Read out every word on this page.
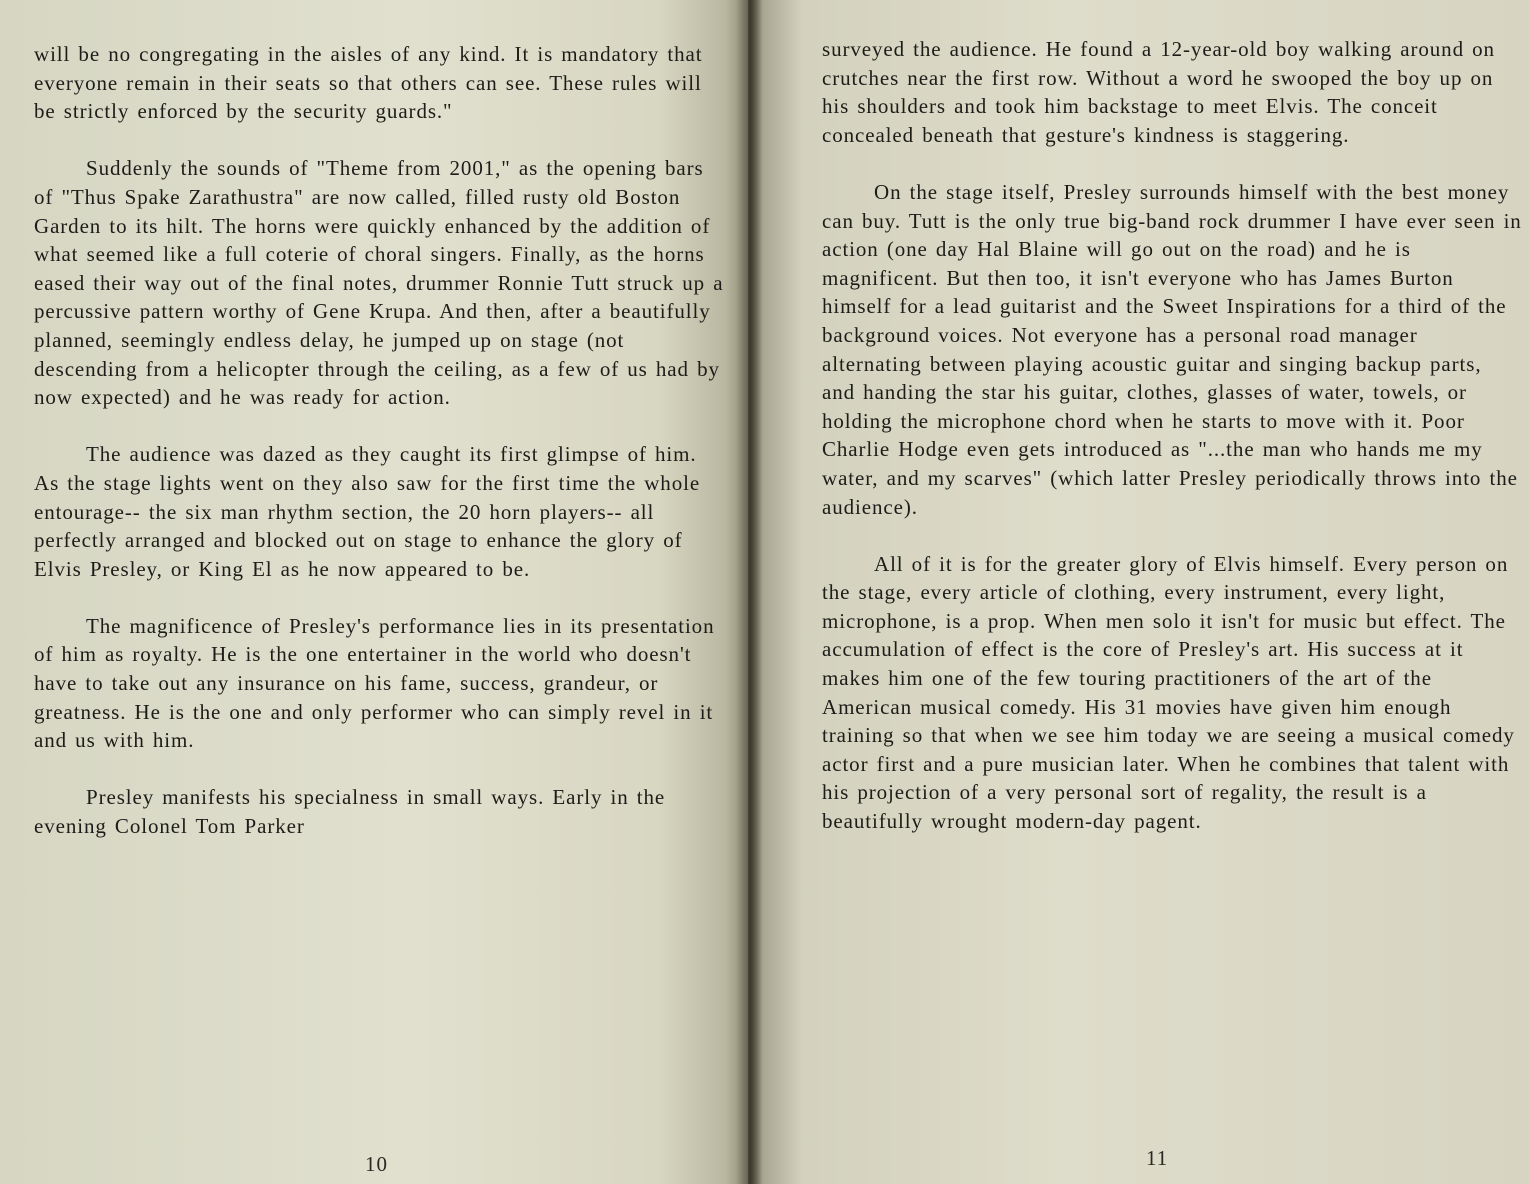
will be no congregating in the aisles of any kind. It is mandatory that everyone remain in their seats so that others can see. These rules will be strictly enforced by the security guards."

Suddenly the sounds of "Theme from 2001," as the opening bars of "Thus Spake Zarathustra" are now called, filled rusty old Boston Garden to its hilt. The horns were quickly enhanced by the addition of what seemed like a full coterie of choral singers. Finally, as the horns eased their way out of the final notes, drummer Ronnie Tutt struck up a percussive pattern worthy of Gene Krupa. And then, after a beautifully planned, seemingly endless delay, he jumped up on stage (not descending from a helicopter through the ceiling, as a few of us had by now expected) and he was ready for action.

The audience was dazed as they caught its first glimpse of him. As the stage lights went on they also saw for the first time the whole entourage-- the six man rhythm section, the 20 horn players-- all perfectly arranged and blocked out on stage to enhance the glory of Elvis Presley, or King El as he now appeared to be.

The magnificence of Presley's performance lies in its presentation of him as royalty. He is the one entertainer in the world who doesn't have to take out any insurance on his fame, success, grandeur, or greatness. He is the one and only performer who can simply revel in it and us with him.

Presley manifests his specialness in small ways. Early in the evening Colonel Tom Parker

10

surveyed the audience. He found a 12-year-old boy walking around on crutches near the first row. Without a word he swooped the boy up on his shoulders and took him backstage to meet Elvis. The conceit concealed beneath that gesture's kindness is staggering.

On the stage itself, Presley surrounds himself with the best money can buy. Tutt is the only true big-band rock drummer I have ever seen in action (one day Hal Blaine will go out on the road) and he is magnificent. But then too, it isn't everyone who has James Burton himself for a lead guitarist and the Sweet Inspirations for a third of the background voices. Not everyone has a personal road manager alternating between playing acoustic guitar and singing backup parts, and handing the star his guitar, clothes, glasses of water, towels, or holding the microphone chord when he starts to move with it. Poor Charlie Hodge even gets introduced as "...the man who hands me my water, and my scarves" (which latter Presley periodically throws into the audience).

All of it is for the greater glory of Elvis himself. Every person on the stage, every article of clothing, every instrument, every light, microphone, is a prop. When men solo it isn't for music but effect. The accumulation of effect is the core of Presley's art. His success at it makes him one of the few touring practitioners of the art of the American musical comedy. His 31 movies have given him enough training so that when we see him today we are seeing a musical comedy actor first and a pure musician later. When he combines that talent with his projection of a very personal sort of regality, the result is a beautifully wrought modern-day pagent.

11
